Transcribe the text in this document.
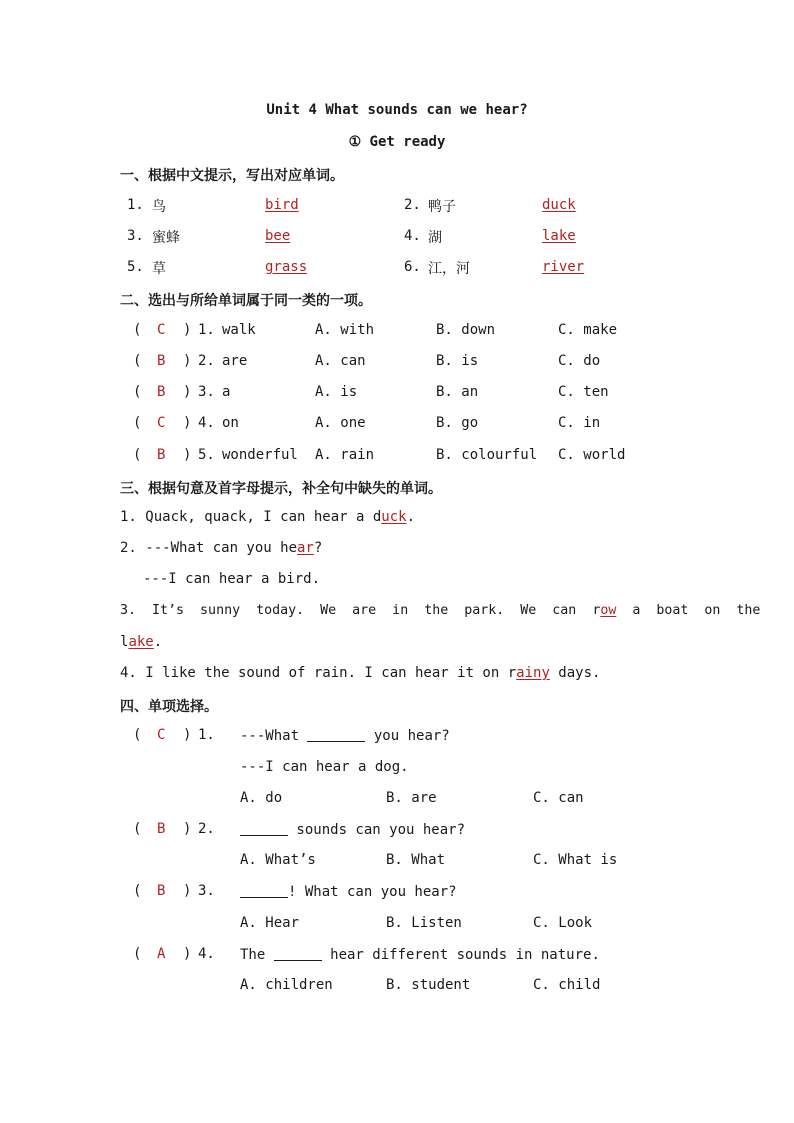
Unit 4 What sounds can we hear?
① Get ready
一、根据中文提示，写出对应单词。
1. 鸟	bird	2. 鸭子	duck
3. 蜜蜂	bee	4. 湖	lake
5. 草	grass	6. 江，河	river
二、选出与所给单词属于同一类的一项。
( C ) 1. walk	A. with	B. down	C. make
( B ) 2. are	A. can	B. is	C. do
( B ) 3. a	A. is	B. an	C. ten
( C ) 4. on	A. one	B. go	C. in
( B ) 5. wonderful A. rain	B. colourful C. world
三、根据句意及首字母提示，补全句中缺失的单词。
1. Quack, quack, I can hear a duck.
2. ---What can you hear?
---I can hear a bird.
3.  It’s  sunny  today.  We  are  in  the  park.  We  can  row  a  boat  on  the
lake.
4. I like the sound of rain. I can hear it on rainy days.
四、单项选择。
( C ) 1. ---What	you hear?
---I can hear a dog.
A. do	B. are	C. can
( B ) 2.	sounds can you hear?
A. What’s	B. What	C. What is
( B ) 3.	! What can you hear?
A. Hear	B. Listen	C. Look
( A ) 4. The	hear different sounds in nature.
A. children	B. student	C. child
